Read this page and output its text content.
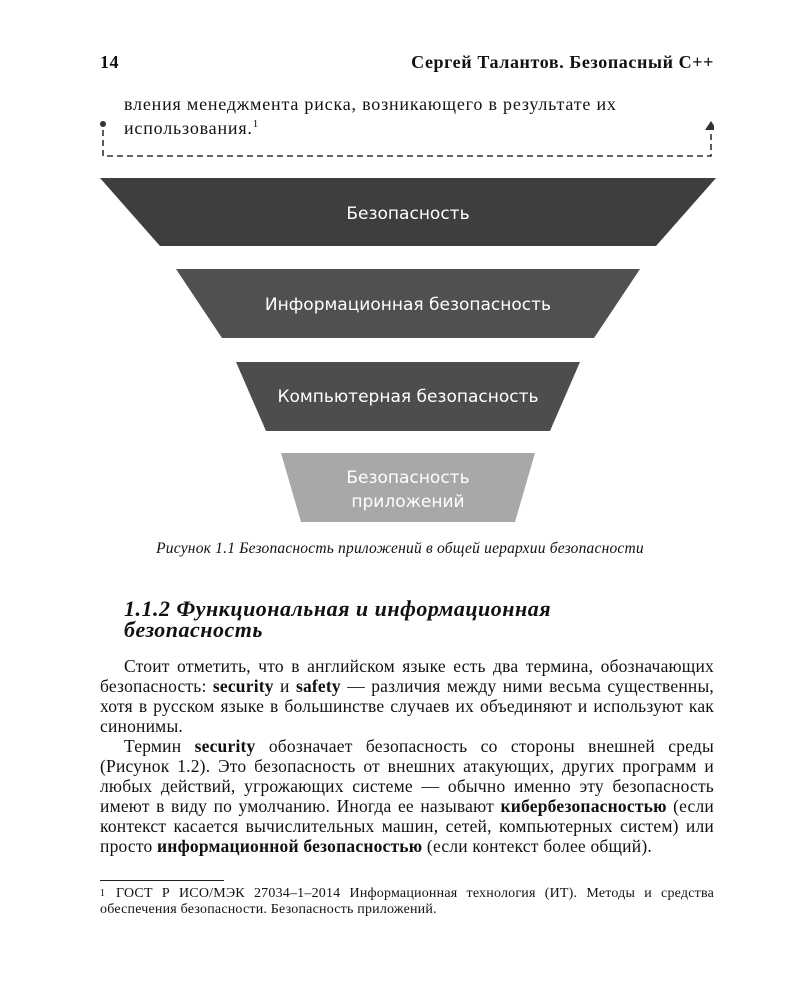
14	Сергей Талантов. Безопасный C++
вления менеджмента риска, возникающего в результате их
использования.$^1$
Безопасность
Информационная безопасность
Компьютерная безопасность
Безопасность
приложений
Рисунок 1.1 Безопасность приложений в общей иерархии безопасности
1.1.2 Функциональная и информационная
безопасность

Стоит отметить, что в английском языке есть два термина, обозначающих безопасность: security и safety — различия между ними весьма существенны, хотя в русском языке в большинстве случаев их объединяют и используют как синонимы.

Термин security обозначает безопасность со стороны внешней среды (Рисунок 1.2). Это безопасность от внешних атакующих, других программ и любых действий, угрожающих системе — обычно именно эту безопасность имеют в виду по умолчанию. Иногда ее называют кибербезопасностью (если контекст касается вычислительных машин, сетей, компьютерных систем) или просто информационной безопасностью (если контекст более общий).

1 ГОСТ Р ИСО/МЭК 27034–1–2014 Информационная технология (ИТ). Методы и средства обеспечения безопасности. Безопасность приложений.
